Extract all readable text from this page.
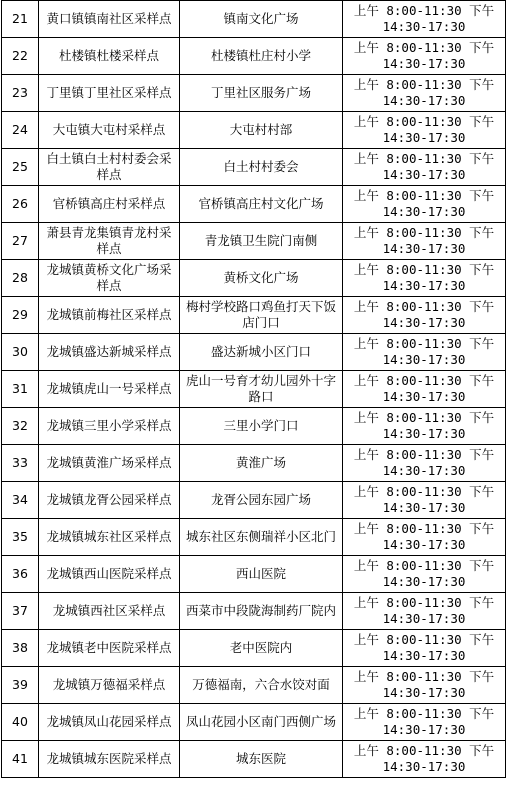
21	黄口镇镇南社区采样点	镇南文化广场	上午 8:00-11:30 下午
14:30-17:30

22	杜楼镇杜楼采样点	杜楼镇杜庄村小学	上午 8:00-11:30 下午
14:30-17:30

23	丁里镇丁里社区采样点	丁里社区服务广场	上午 8:00-11:30 下午
14:30-17:30

24	大屯镇大屯村采样点	大屯村村部	上午 8:00-11:30 下午
14:30-17:30

25	白土镇白土村村委会采样点	白土村村委会	上午 8:00-11:30 下午
14:30-17:30

26	官桥镇高庄村采样点	官桥镇高庄村文化广场	上午 8:00-11:30 下午
14:30-17:30

27	萧县青龙集镇青龙村采样点	青龙镇卫生院门南侧	上午 8:00-11:30 下午
14:30-17:30

28	龙城镇黄桥文化广场采样点	黄桥文化广场	上午 8:00-11:30 下午
14:30-17:30

29	龙城镇前梅社区采样点	梅村学校路口鸡鱼打天下饭店门口	上午 8:00-11:30 下午
14:30-17:30

30	龙城镇盛达新城采样点	盛达新城小区门口	上午 8:00-11:30 下午
14:30-17:30

31	龙城镇虎山一号采样点	虎山一号育才幼儿园外十字路口	上午 8:00-11:30 下午
14:30-17:30

32	龙城镇三里小学采样点	三里小学门口	上午 8:00-11:30 下午
14:30-17:30

33	龙城镇黄淮广场采样点	黄淮广场	上午 8:00-11:30 下午
14:30-17:30

34	龙城镇龙胥公园采样点	龙胥公园东园广场	上午 8:00-11:30 下午
14:30-17:30

35	龙城镇城东社区采样点	城东社区东侧瑞祥小区北门	上午 8:00-11:30 下午
14:30-17:30

36	龙城镇西山医院采样点	西山医院	上午 8:00-11:30 下午
14:30-17:30

37	龙城镇西社区采样点	西菜市中段陇海制药厂院内	上午 8:00-11:30 下午
14:30-17:30

38	龙城镇老中医院采样点	老中医院内	上午 8:00-11:30 下午
14:30-17:30

39	龙城镇万德福采样点	万德福南，六合水饺对面	上午 8:00-11:30 下午
14:30-17:30

40	龙城镇凤山花园采样点	凤山花园小区南门西侧广场	上午 8:00-11:30 下午
14:30-17:30

41	龙城镇城东医院采样点	城东医院	上午 8:00-11:30 下午
14:30-17:30
